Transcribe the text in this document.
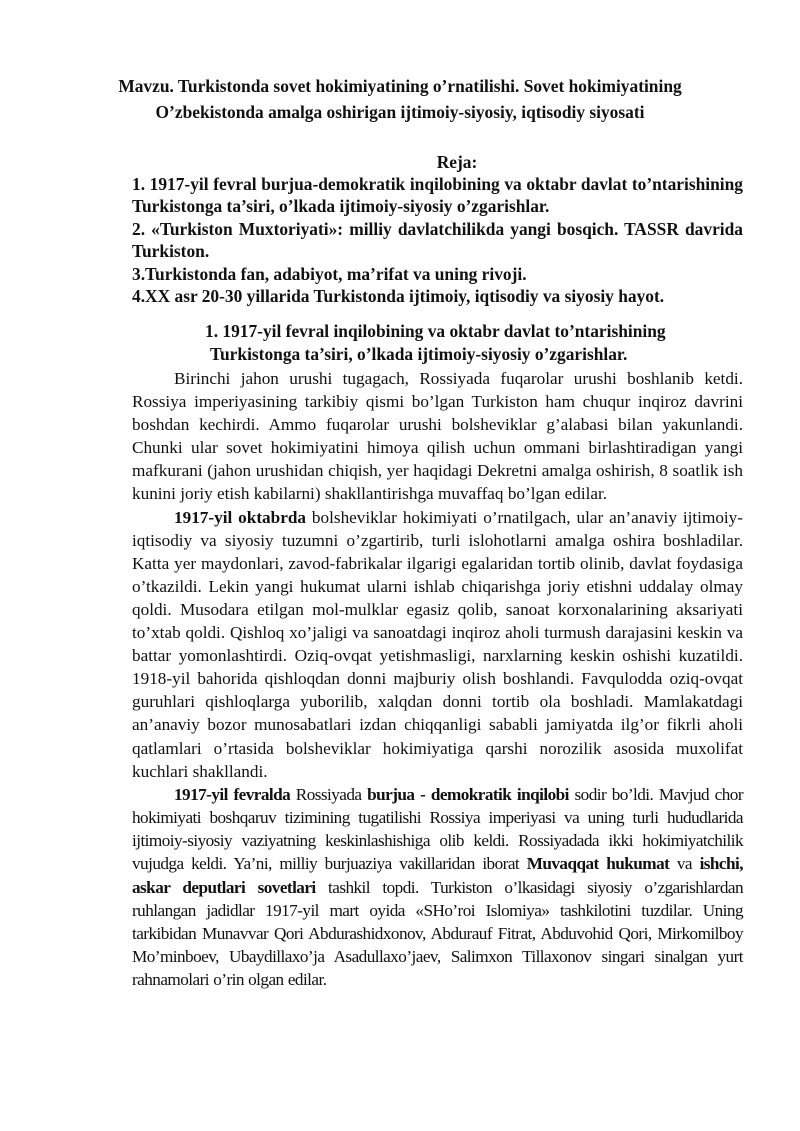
Mavzu. Turkistonda sovet hokimiyatining o’rnatilishi. Sovet hokimiyatining
O’zbekistonda amalga oshirigan ijtimoiy-siyosiy, iqtisodiy siyosati
Reja:

1. 1917-yil fevral burjua-demokratik inqilobining va oktabr davlat to’ntarishining Turkistonga ta’siri, o’lkada ijtimoiy-siyosiy o’zgarishlar.

2. «Turkiston Muxtoriyati»: milliy davlatchilikda yangi bosqich. TASSR davrida Turkiston.

3.Turkistonda fan, adabiyot, ma’rifat va uning rivoji.

4.XX asr 20-30 yillarida Turkistonda ijtimoiy, iqtisodiy va siyosiy hayot.

1. 1917-yil fevral inqilobining va oktabr davlat to’ntarishining
Turkistonga ta’siri, o’lkada ijtimoiy-siyosiy o’zgarishlar.

Birinchi jahon urushi tugagach, Rossiyada fuqarolar urushi boshlanib ketdi. Rossiya imperiyasining tarkibiy qismi bo’lgan Turkiston ham chuqur inqiroz davrini boshdan kechirdi. Ammo fuqarolar urushi bolsheviklar g’alabasi bilan yakunlandi. Chunki ular sovet hokimiyatini himoya qilish uchun ommani birlashtiradigan yangi mafkurani (jahon urushidan chiqish, yer haqidagi Dekretni amalga oshirish, 8 soatlik ish kunini joriy etish kabilarni) shakllantirishga muvaffaq bo’lgan edilar.

1917-yil oktabrda bolsheviklar hokimiyati o’rnatilgach, ular an’anaviy ijtimoiy-iqtisodiy va siyosiy tuzumni o’zgartirib, turli islohotlarni amalga oshira boshladilar. Katta yer maydonlari, zavod-fabrikalar ilgarigi egalaridan tortib olinib, davlat foydasiga o’tkazildi. Lekin yangi hukumat ularni ishlab chiqarishga joriy etishni uddalay olmay qoldi. Musodara etilgan mol-mulklar egasiz qolib, sanoat korxonalarining aksariyati to’xtab qoldi. Qishloq xo’jaligi va sanoatdagi inqiroz aholi turmush darajasini keskin va battar yomonlashtirdi. Oziq-ovqat yetishmasligi, narxlarning keskin oshishi kuzatildi. 1918-yil bahorida qishloqdan donni majburiy olish boshlandi. Favqulodda oziq-ovqat guruhlari qishloqlarga yuborilib, xalqdan donni tortib ola boshladi. Mamlakatdagi an’anaviy bozor munosabatlari izdan chiqqanligi sababli jamiyatda ilg’or fikrli aholi qatlamlari o’rtasida bolsheviklar hokimiyatiga qarshi norozilik asosida muxolifat kuchlari shakllandi.

1917-yil fevralda Rossiyada burjua - demokratik inqilobi sodir bo’ldi. Mavjud chor hokimiyati boshqaruv tizimining tugatilishi Rossiya imperiyasi va uning turli hududlarida ijtimoiy-siyosiy vaziyatning keskinlashishiga olib keldi. Rossiyadada ikki hokimiyatchilik vujudga keldi. Ya’ni, milliy burjuaziya vakillaridan iborat Muvaqqat hukumat va ishchi, askar deputlari sovetlari tashkil topdi. Turkiston o’lkasidagi siyosiy o’zgarishlardan ruhlangan jadidlar 1917-yil mart oyida «SHo’roi Islomiya» tashkilotini tuzdilar. Uning tarkibidan Munavvar Qori Abdurashidxonov, Abdurauf Fitrat, Abduvohid Qori, Mirkomilboy Mo’minboev, Ubaydillaxo’ja Asadullaxo’jaev, Salimxon Tillaxonov singari sinalgan yurt rahnamolari o’rin olgan edilar.
